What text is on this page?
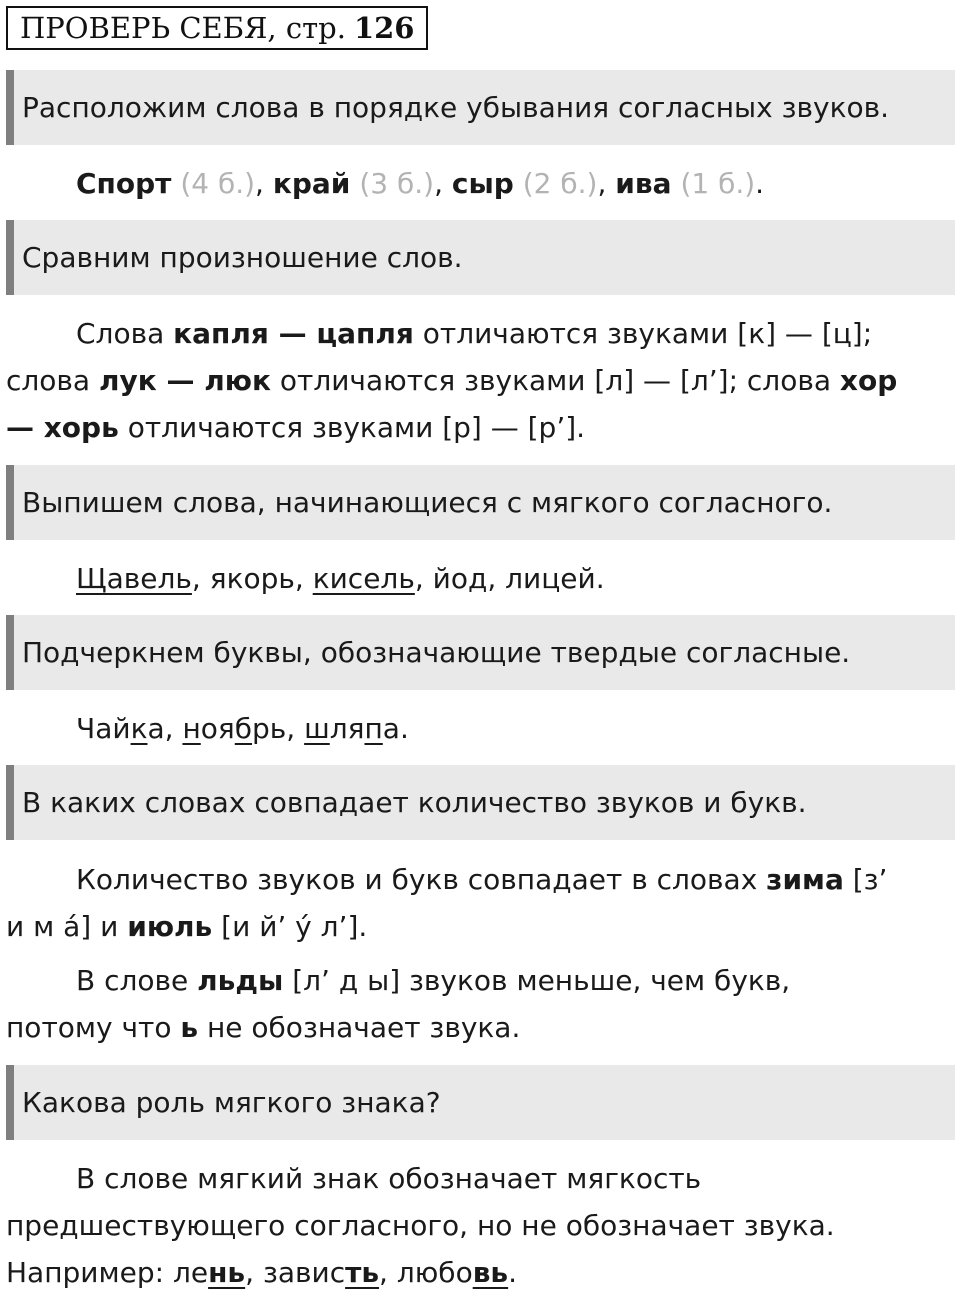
ПРОВЕРЬ СЕБЯ, стр. 126
Расположим слова в порядке убывания согласных звуков.
Спорт (4 б.), край (3 б.), сыр (2 б.), ива (1 б.).
Сравним произношение слов.
Слова капля — цапля отличаются звуками [к] — [ц];
слова лук — люк отличаются звуками [л] — [л’]; слова хор
— хорь отличаются звуками [р] — [р’].
Выпишем слова, начинающиеся с мягкого согласного.
Щавель, якорь, кисель, йод, лицей.
Подчеркнем буквы, обозначающие твердые согласные.
Чайка, ноябрь, шляпа.
В каких словах совпадает количество звуков и букв.
Количество звуков и букв совпадает в словах зима [з’
и м а́] и июль [и й’ у́ л’].
В слове льды [л’ д ы] звуков меньше, чем букв,
потому что ь не обозначает звука.
Какова роль мягкого знака?
В слове мягкий знак обозначает мягкость
предшествующего согласного, но не обозначает звука.
Например: лень, зависть, любовь.
